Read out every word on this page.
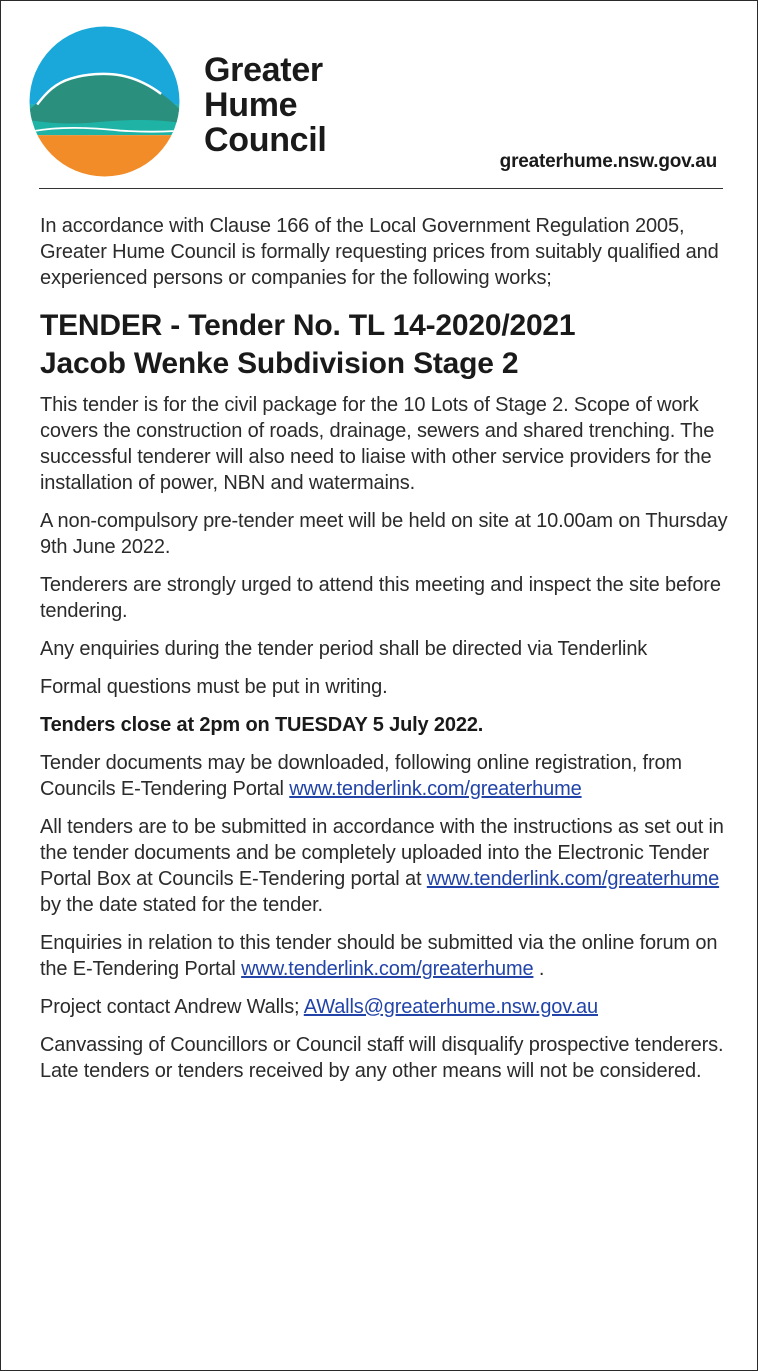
Greater
Hume
Council
greaterhume.nsw.gov.au

In accordance with Clause 166 of the Local Government Regulation 2005, Greater Hume Council is formally requesting prices from suitably qualified and experienced persons or companies for the following works;

TENDER - Tender No. TL 14-2020/2021
Jacob Wenke Subdivision Stage 2

This tender is for the civil package for the 10 Lots of Stage 2. Scope of work covers the construction of roads, drainage, sewers and shared trenching. The successful tenderer will also need to liaise with other service providers for the installation of power, NBN and watermains.

A non-compulsory pre-tender meet will be held on site at 10.00am on Thursday 9th June 2022.

Tenderers are strongly urged to attend this meeting and inspect the site before tendering.

Any enquiries during the tender period shall be directed via Tenderlink

Formal questions must be put in writing.

Tenders close at 2pm on TUESDAY 5 July 2022.

Tender documents may be downloaded, following online registration, from Councils E-Tendering Portal www.tenderlink.com/greaterhume

All tenders are to be submitted in accordance with the instructions as set out in the tender documents and be completely uploaded into the Electronic Tender Portal Box at Councils E-Tendering portal at www.tenderlink.com/greaterhume by the date stated for the tender.

Enquiries in relation to this tender should be submitted via the online forum on the E-Tendering Portal www.tenderlink.com/greaterhume .

Project contact Andrew Walls; AWalls@greaterhume.nsw.gov.au

Canvassing of Councillors or Council staff will disqualify prospective tenderers. Late tenders or tenders received by any other means will not be considered.
